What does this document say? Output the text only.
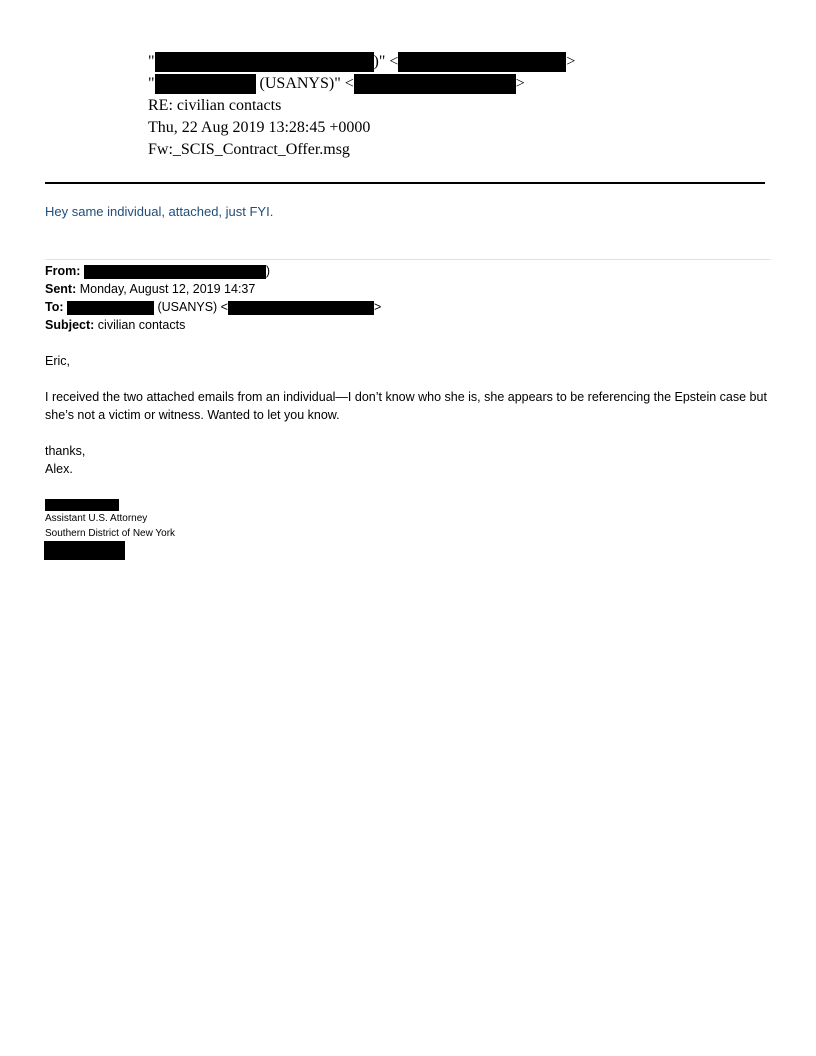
"	)" <	>
"	(USANYS)" <	>
RE: civilian contacts
Thu, 22 Aug 2019 13:28:45 +0000
Fw:_SCIS_Contract_Offer.msg
Hey same individual, attached, just FYI.
From:	)
Sent: Monday, August 12, 2019 14:37
To:	(USANYS) <	>
Subject: civilian contacts
Eric,
I received the two attached emails from an individual—I don’t know who she is, she appears to be referencing the Epstein case but she’s not a victim or witness. Wanted to let you know.
thanks,
Alex.
Assistant U.S. Attorney
Southern District of New York
